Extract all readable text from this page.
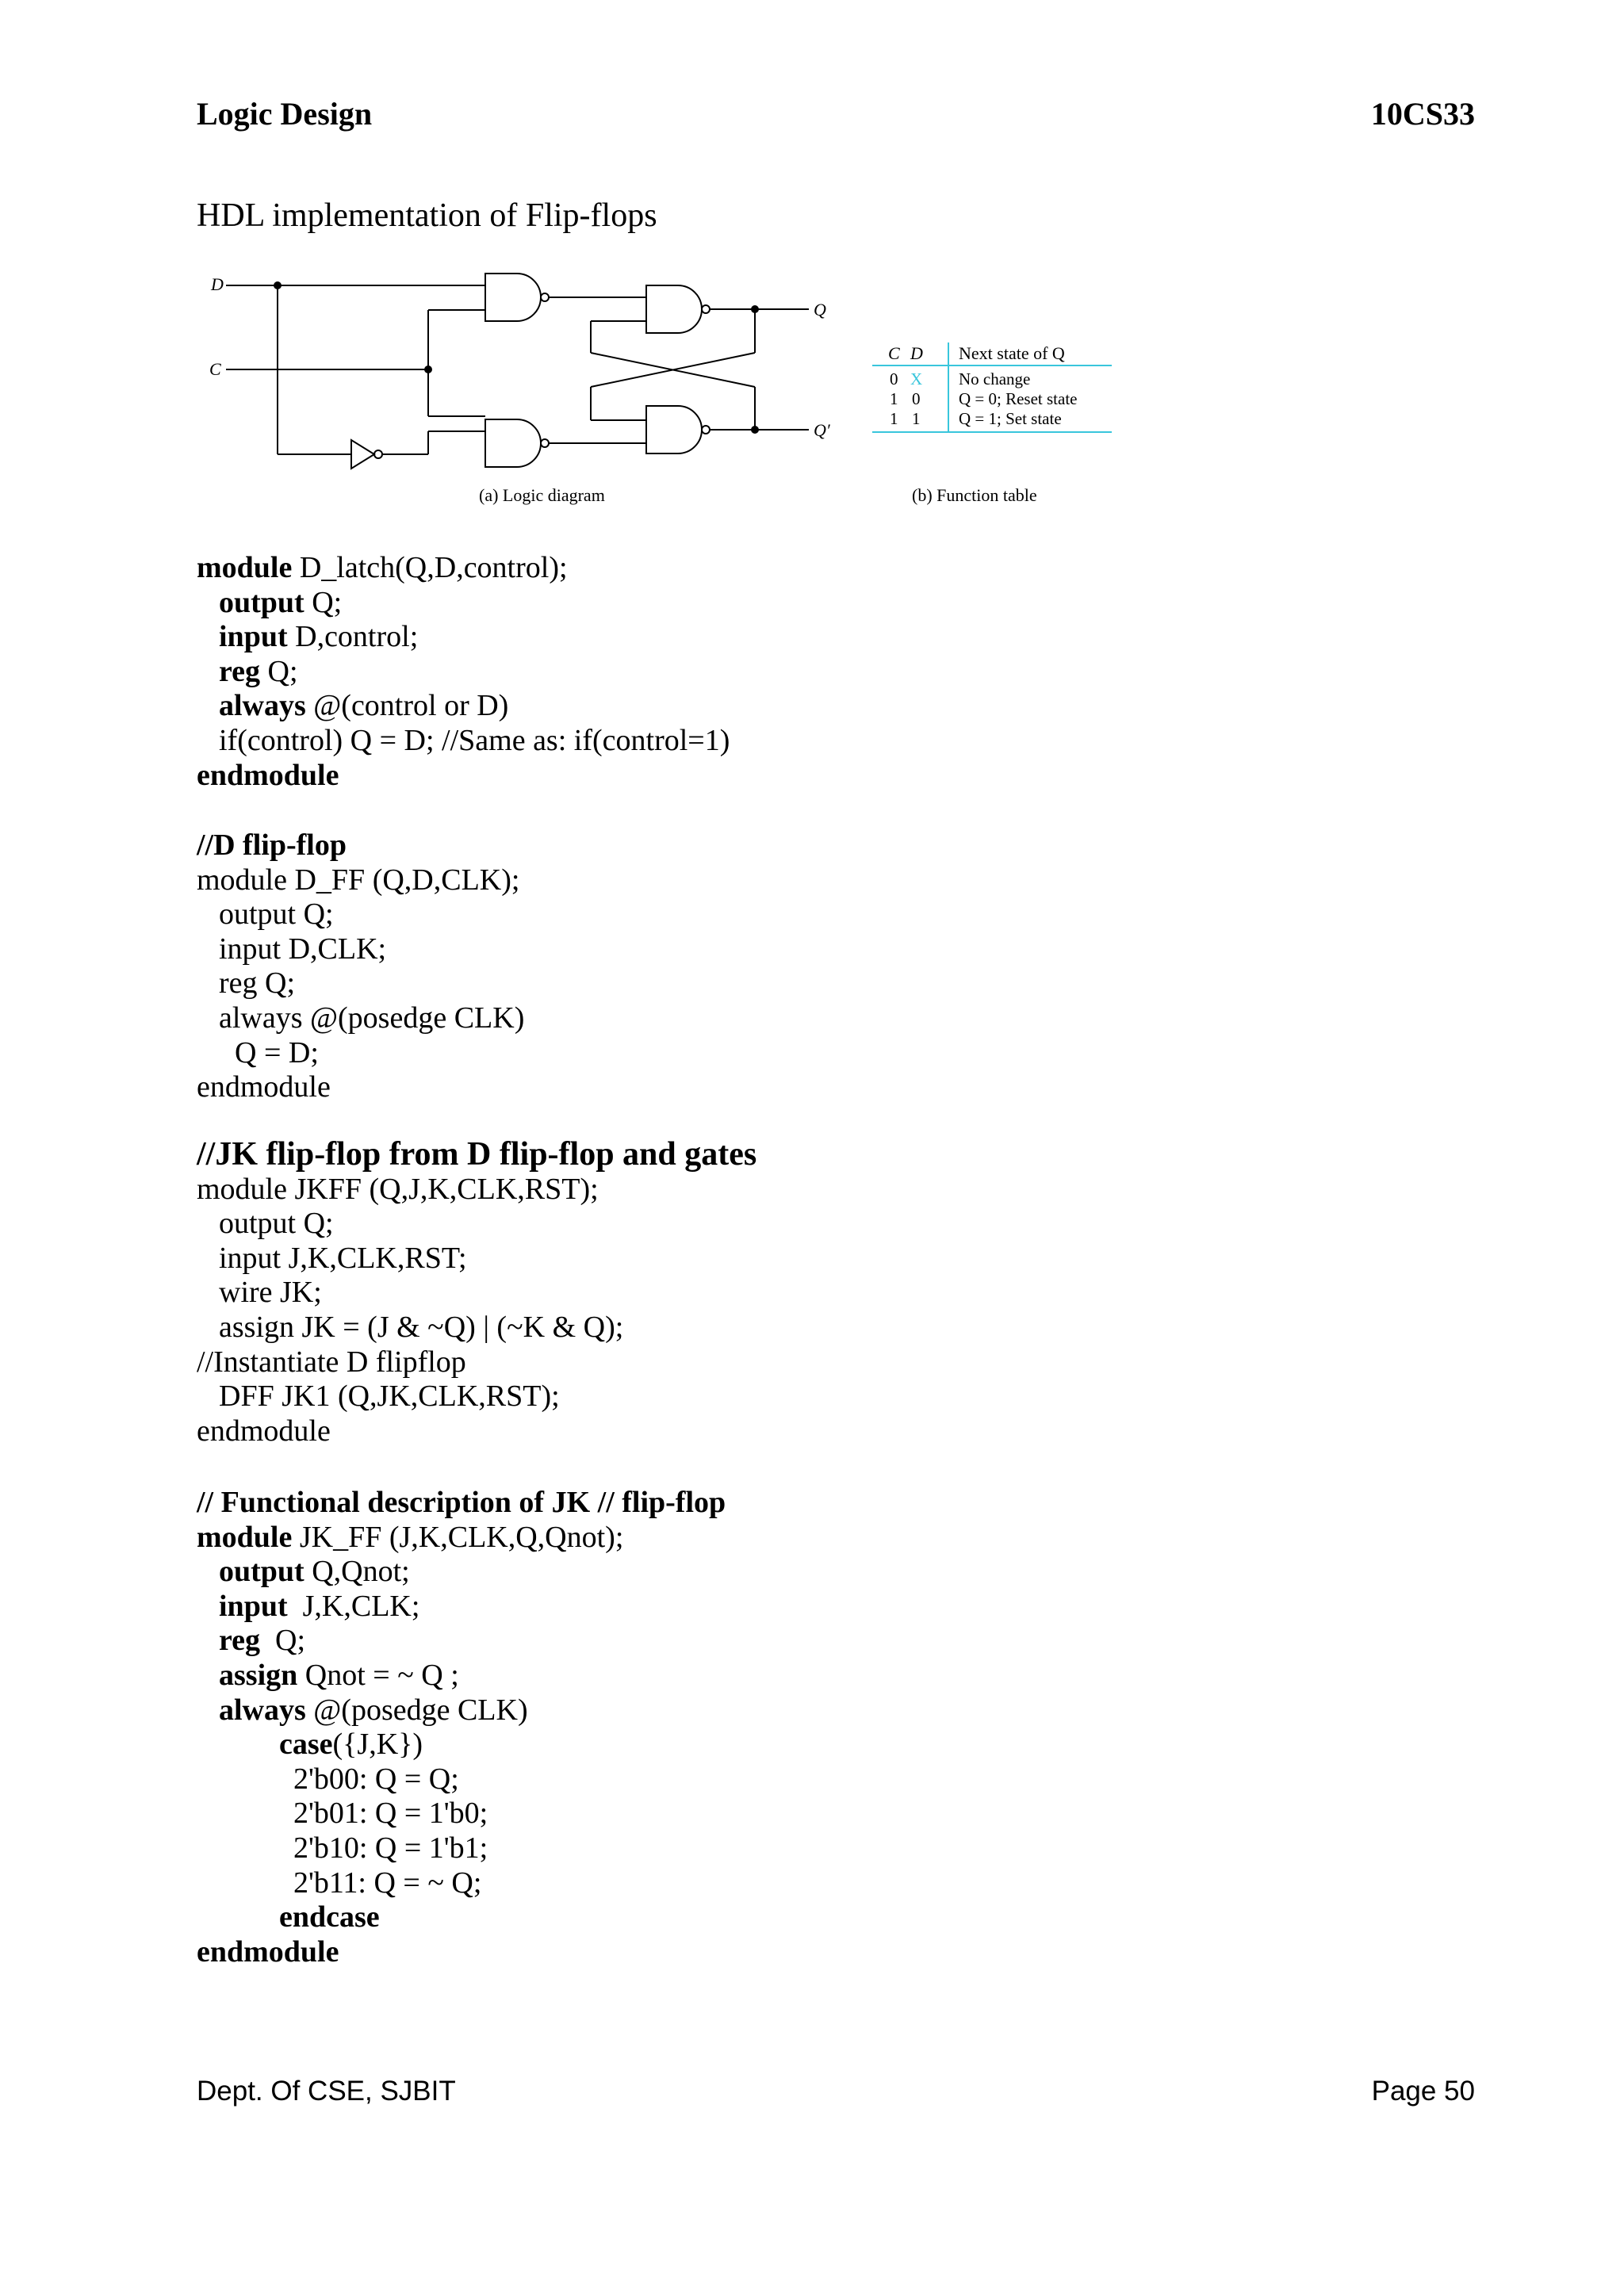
Logic Design	10CS33
HDL implementation of Flip-flops
D
C
Q
Q′
(a) Logic diagram
C D Next state of Q
0 X No change
1 0 Q = 0; Reset state
1 1 Q = 1; Set state
(b) Function table
module D_latch(Q,D,control);
output Q;
input D,control;
reg Q;
always @(control or D)
if(control) Q = D; //Same as: if(control=1)
endmodule
//D flip-flop
module D_FF (Q,D,CLK);
output Q;
input D,CLK;
reg Q;
always @(posedge CLK)
Q = D;
endmodule
//JK flip-flop from D flip-flop and gates
module JKFF (Q,J,K,CLK,RST);
output Q;
input J,K,CLK,RST;
wire JK;
assign JK = (J & ~Q) | (~K & Q);
//Instantiate D flipflop
DFF JK1 (Q,JK,CLK,RST);
endmodule
// Functional description of JK // flip-flop
module JK_FF (J,K,CLK,Q,Qnot);
output Q,Qnot;
input  J,K,CLK;
reg  Q;
assign Qnot = ~ Q ;
always @(posedge CLK)
case({J,K})
2'b00: Q = Q;
2'b01: Q = 1'b0;
2'b10: Q = 1'b1;
2'b11: Q = ~ Q;
endcase
endmodule
Dept. Of CSE, SJBIT	Page 50
